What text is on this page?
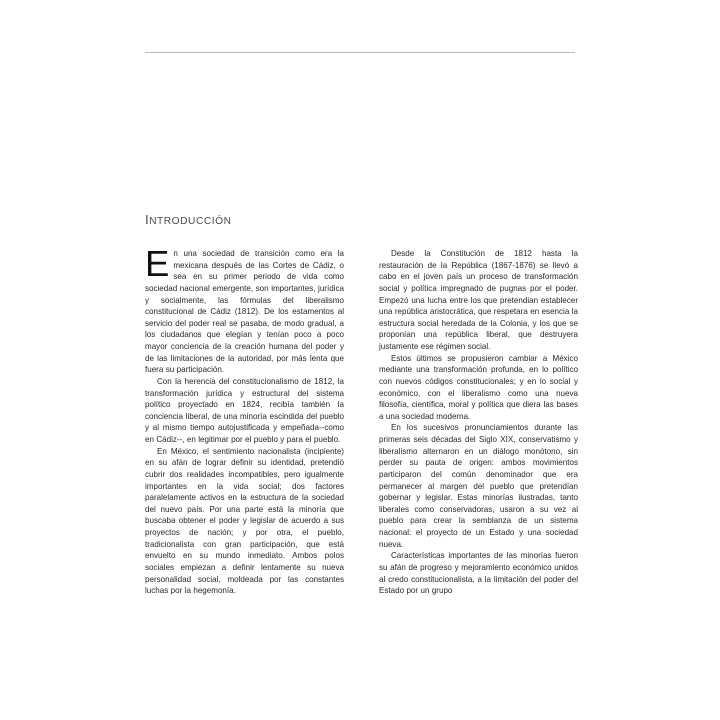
INTRODUCCIÓN

En una sociedad de transición como era la mexicana después de las Cortes de Cádiz, o sea en su primer periodo de vida como sociedad nacional emergente, son importantes, jurídica y socialmente, las fórmulas del liberalismo constitucional de Cádiz (1812). De los estamentos al servicio del poder real se pasaba, de modo gradual, a los ciudadanos que elegían y tenían poco a poco mayor conciencia de la creación humana del poder y de las limitaciones de la autoridad, por más lenta que fuera su participación.

Con la herencia del constitucionalismo de 1812, la transformación jurídica y estructural del sistema político proyectado en 1824, recibía también la conciencia liberal, de una minoría escindida del pueblo y al mismo tiempo autojustificada y empeñada--como en Cádiz--, en legitimar por el pueblo y para el pueblo.

En México, el sentimiento nacionalista (incipiente) en su afán de lograr definir su identidad, pretendió cubrir dos realidades incompatibles, pero igualmente importantes en la vida social; dos factores paralelamente activos en la estructura de la sociedad del nuevo país. Por una parte está la minoría que buscaba obtener el poder y legislar de acuerdo a sus proyectos de nación; y por otra, el pueblo, tradicionalista con gran participación, que está envuelto en su mundo inmediato. Ambos polos sociales empiezan a definir lentamente su nueva personalidad social, moldeada por las constantes luchas por la hegemonía.

Desde la Constitución de 1812 hasta la restauración de la República (1867-1876) se llevó a cabo en el joven país un proceso de transformación social y política impregnado de pugnas por el poder. Empezó una lucha entre los que pretendian establecer una república aristocrática, que respetara en esencia la estructura social heredada de la Colonia, y los que se proponían una república liberal, que destruyera justamente ese régimen social.

Estos últimos se propusieron cambiar a México mediante una transformación profunda, en lo político con nuevos códigos constitucionales; y en lo social y económico, con el liberalismo como una nueva filosofía, científica, moral y política que diera las bases a una sociedad moderna.

En los sucesivos pronunciamientos durante las primeras seis décadas del Siglo XIX, conservatismo y liberalismo alternaron en un diálogo monótono, sin perder su pauta de origen: ambos movimientos participaron del común denominador que era permanecer al margen del pueblo que pretendían gobernar y legislar. Estas minorías ilustradas, tanto liberales como conservadoras, usaron a su vez al pueblo para crear la semblanza de un sistema nacional: el proyecto de un Estado y una sociedad nueva.

Características importantes de las minorías fueron su afán de progreso y mejoramiento económico unidos al credo constitucionalista, a la limitación del poder del Estado por un grupo
